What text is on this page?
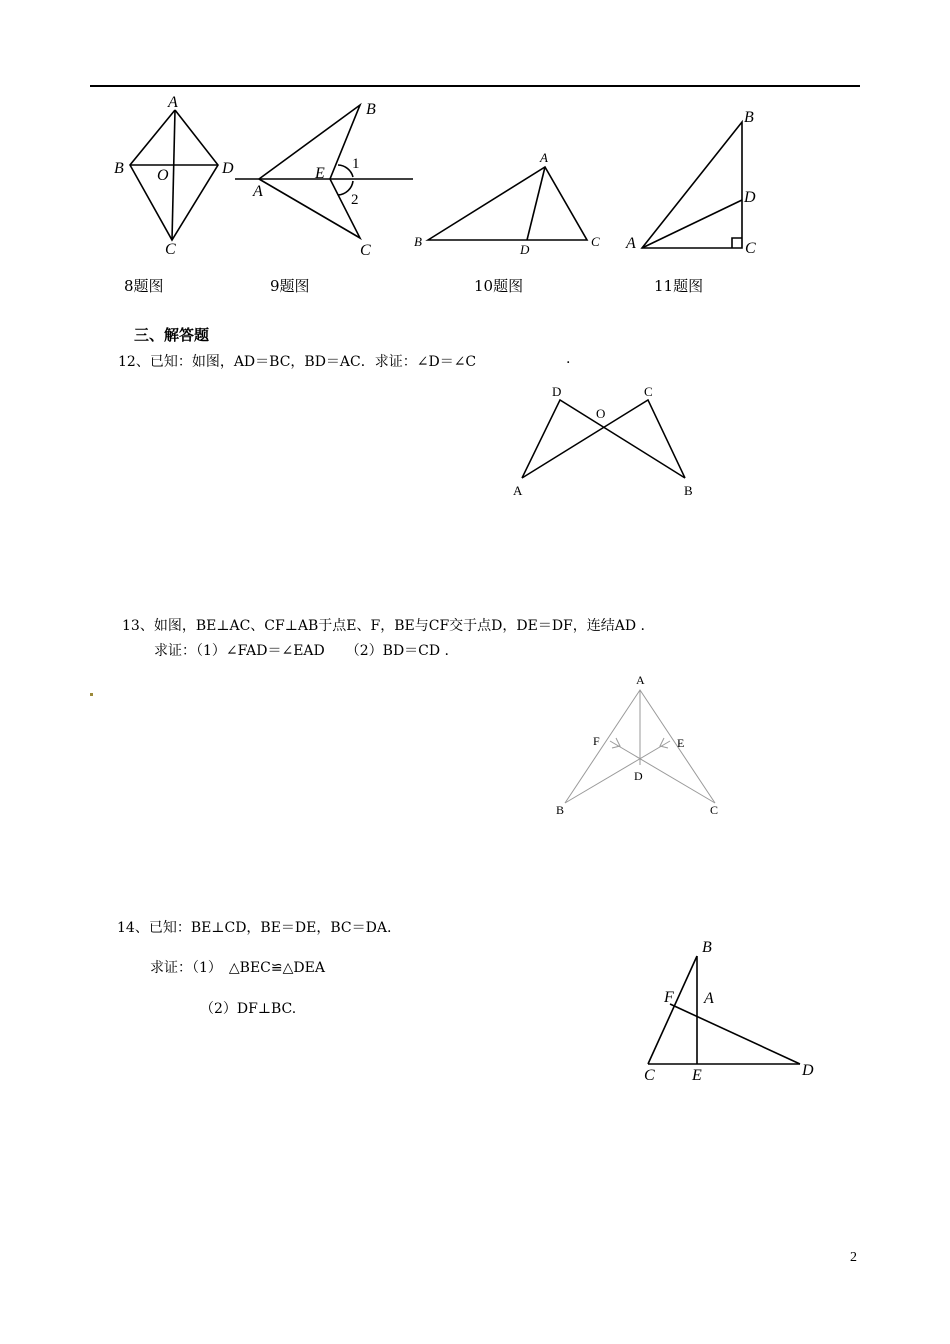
A
B	D
O
C
B
A
E
C
1
2
A
B
D
C
B
D
A	C
8题图	9题图	10题图	11题图
三、解答题
12、已知：如图，AD＝BC，BD＝AC．求证：∠D＝∠C	.
D	C
O
A	B
13、如图，BE⊥AC、CF⊥AB于点E、F，BE与CF交于点D，DE＝DF，连结AD .
求证：（1）∠FAD＝∠EAD　　（2）BD＝CD .
A
F	E
D
B	C
14、已知：BE⊥CD，BE＝DE，BC＝DA.
求证：（1）　△BEC≌△DEA
（2）DF⊥BC.
B
F A
C E	D
2
